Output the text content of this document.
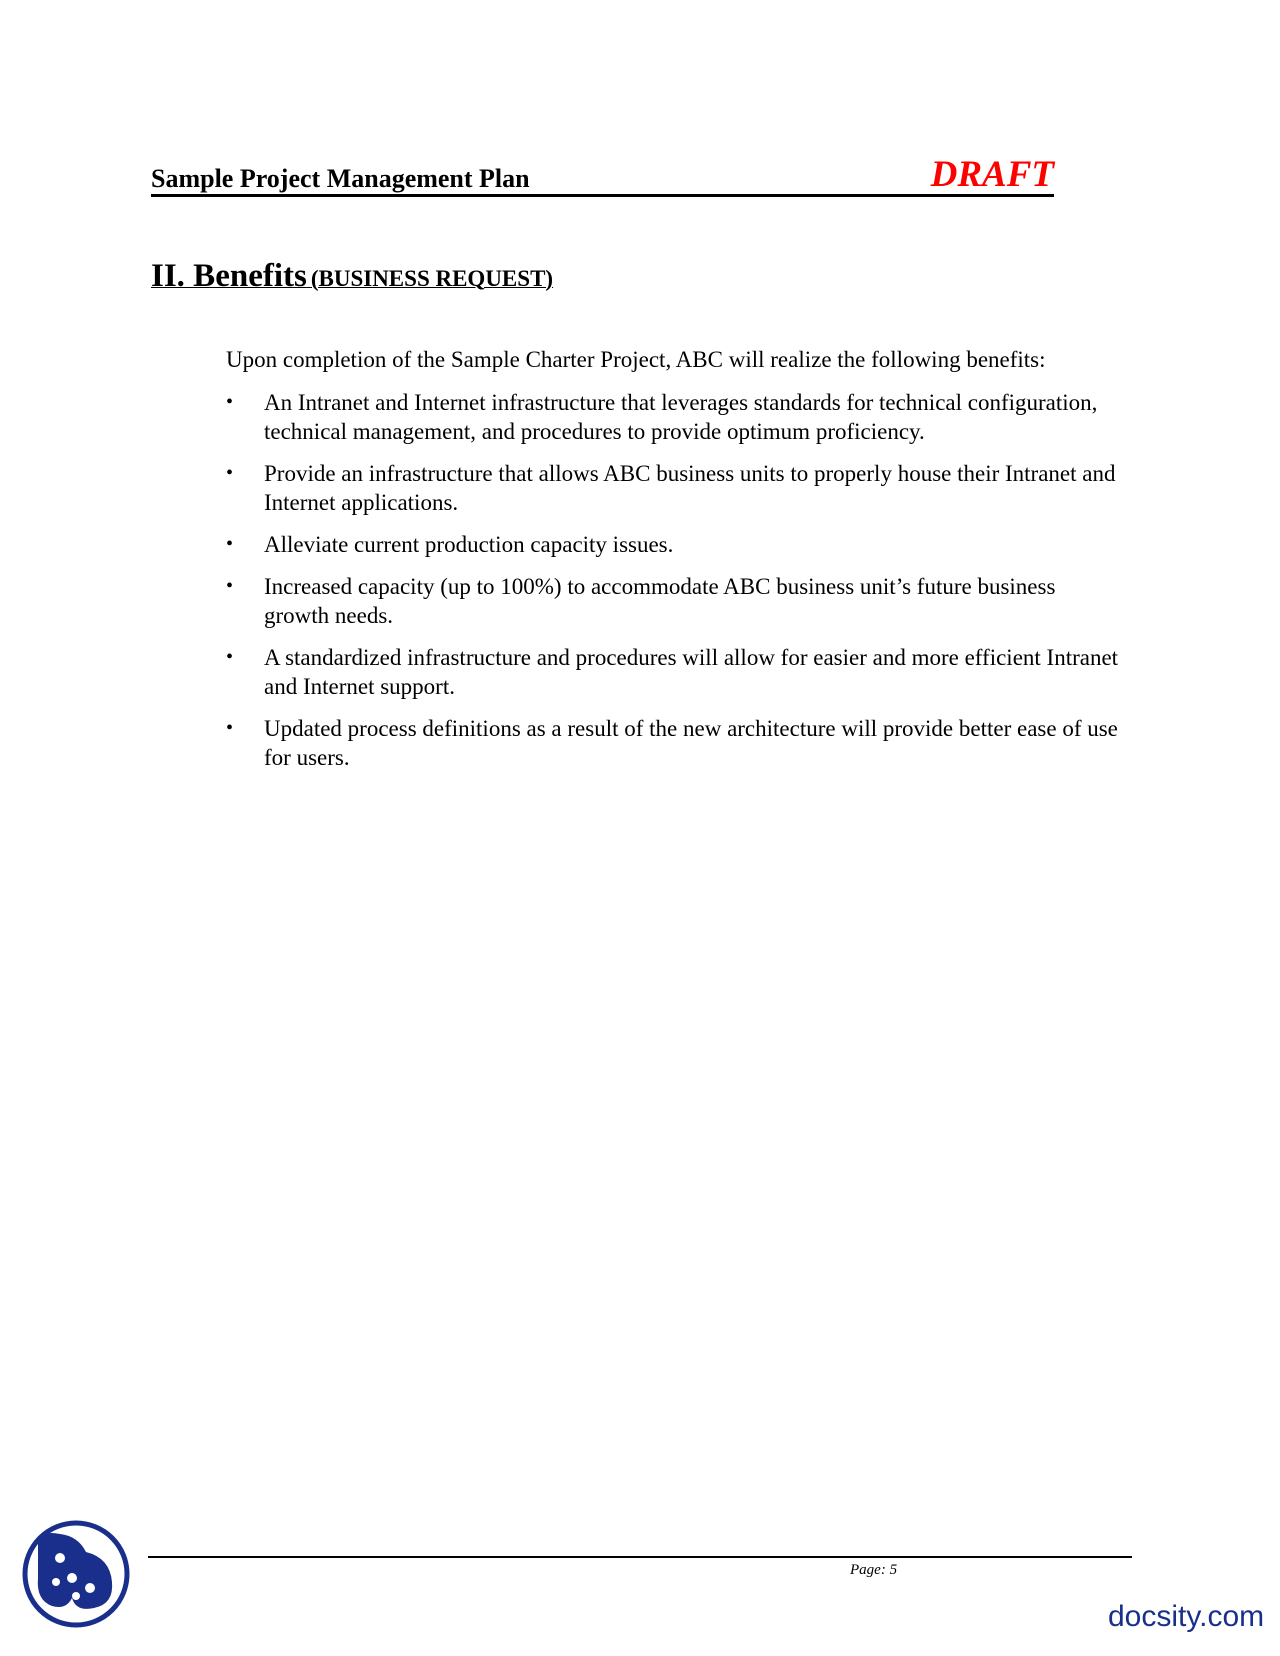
Sample Project Management Plan	DRAFT
II. Benefits (BUSINESS REQUEST)
Upon completion of the Sample Charter Project, ABC will realize the following benefits:
• An Intranet and Internet infrastructure that leverages standards for technical configuration, technical management, and procedures to provide optimum proficiency.
• Provide an infrastructure that allows ABC business units to properly house their Intranet and Internet applications.
• Alleviate current production capacity issues.
• Increased capacity (up to 100%) to accommodate ABC business unit’s future business growth needs.
• A standardized infrastructure and procedures will allow for easier and more efficient Intranet and Internet support.
• Updated process definitions as a result of the new architecture will provide better ease of use for users.
Page: 5
docsity.com
